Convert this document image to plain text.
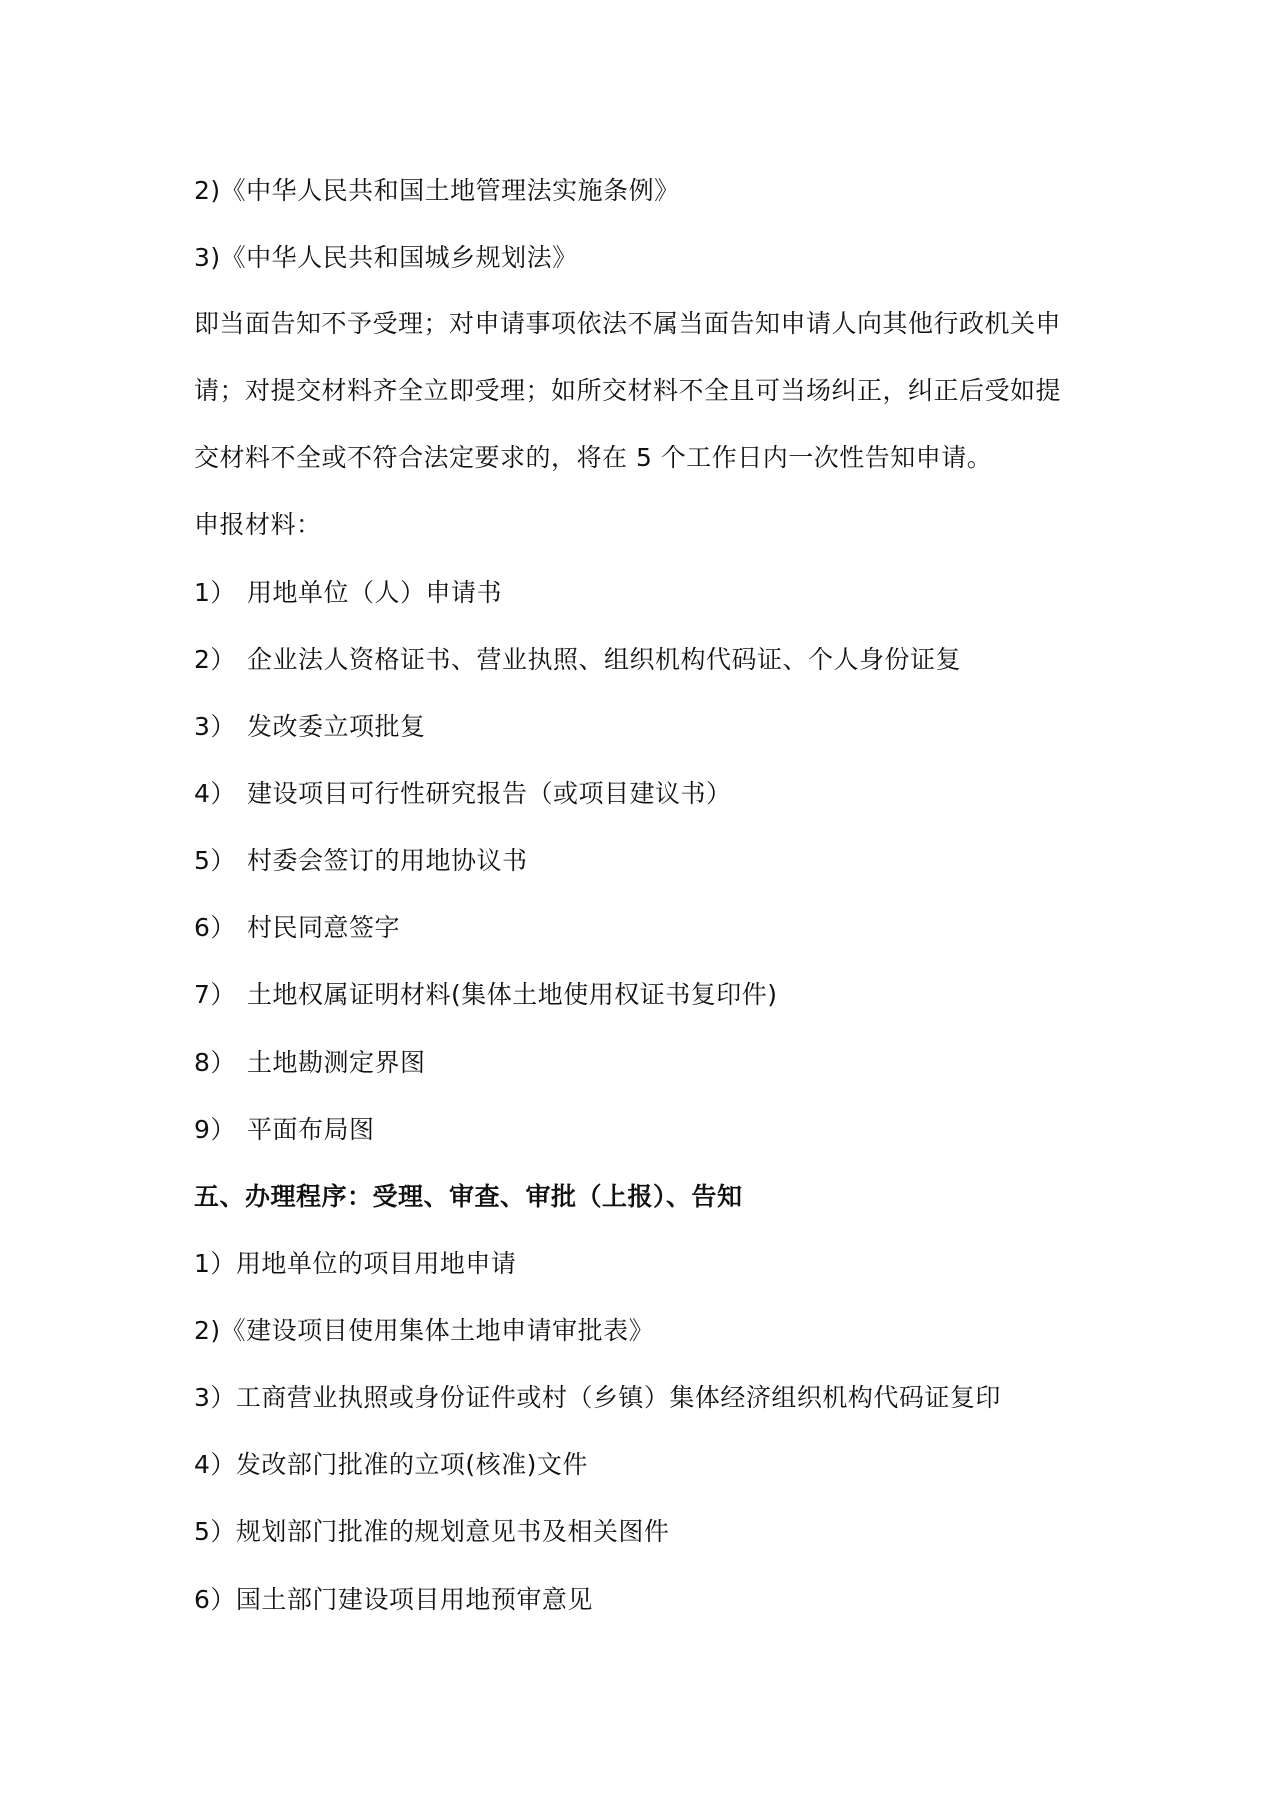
2)《中华人民共和国土地管理法实施条例》
3)《中华人民共和国城乡规划法》
即当面告知不予受理；对申请事项依法不属当面告知申请人向其他行政机关申
请；对提交材料齐全立即受理；如所交材料不全且可当场纠正，纠正后受如提
交材料不全或不符合法定要求的，将在 5 个工作日内一次性告知申请。
申报材料：
1） 用地单位（人）申请书
2） 企业法人资格证书、营业执照、组织机构代码证、个人身份证复
3） 发改委立项批复
4） 建设项目可行性研究报告（或项目建议书）
5） 村委会签订的用地协议书
6） 村民同意签字
7） 土地权属证明材料(集体土地使用权证书复印件)
8） 土地勘测定界图
9） 平面布局图
五、办理程序：受理、审查、审批（上报）、告知
1）用地单位的项目用地申请
2)《建设项目使用集体土地申请审批表》
3）工商营业执照或身份证件或村（乡镇）集体经济组织机构代码证复印
4）发改部门批准的立项(核准)文件
5）规划部门批准的规划意见书及相关图件
6）国土部门建设项目用地预审意见
